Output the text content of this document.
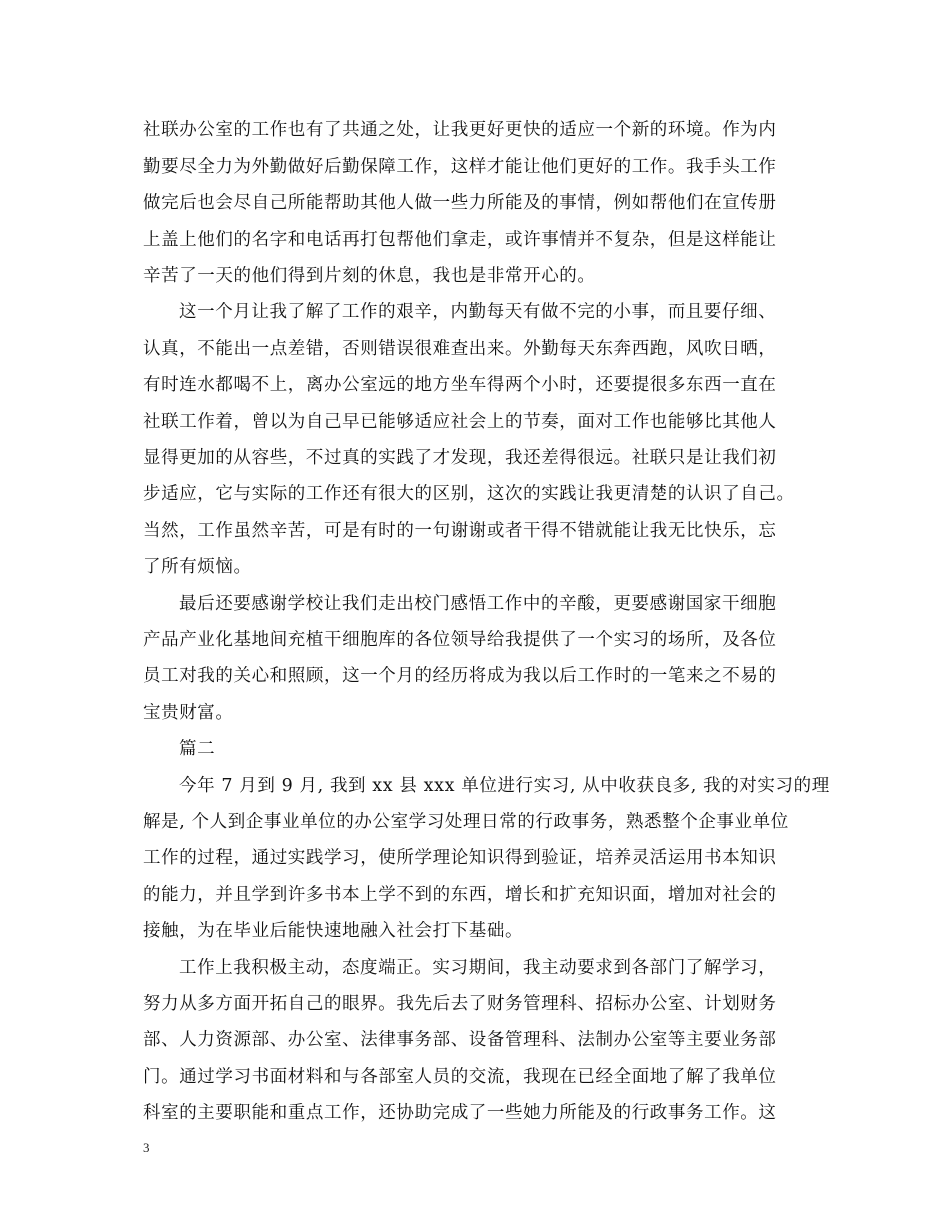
社联办公室的工作也有了共通之处，让我更好更快的适应一个新的环境。作为内
勤要尽全力为外勤做好后勤保障工作，这样才能让他们更好的工作。我手头工作
做完后也会尽自己所能帮助其他人做一些力所能及的事情，例如帮他们在宣传册
上盖上他们的名字和电话再打包帮他们拿走，或许事情并不复杂，但是这样能让
辛苦了一天的他们得到片刻的休息，我也是非常开心的。
这一个月让我了解了工作的艰辛，内勤每天有做不完的小事，而且要仔细、
认真，不能出一点差错，否则错误很难查出来。外勤每天东奔西跑，风吹日晒，
有时连水都喝不上，离办公室远的地方坐车得两个小时，还要提很多东西一直在
社联工作着，曾以为自己早已能够适应社会上的节奏，面对工作也能够比其他人
显得更加的从容些，不过真的实践了才发现，我还差得很远。社联只是让我们初
步适应，它与实际的工作还有很大的区别，这次的实践让我更清楚的认识了自己。
当然，工作虽然辛苦，可是有时的一句谢谢或者干得不错就能让我无比快乐，忘
了所有烦恼。
最后还要感谢学校让我们走出校门感悟工作中的辛酸，更要感谢国家干细胞
产品产业化基地间充植干细胞库的各位领导给我提供了一个实习的场所，及各位
员工对我的关心和照顾，这一个月的经历将成为我以后工作时的一笔来之不易的
宝贵财富。
篇二
今年 7 月到 9 月, 我到 xx 县 xxx 单位进行实习, 从中收获良多, 我的对实习的理
解是, 个人到企事业单位的办公室学习处理日常的行政事务，熟悉整个企事业单位
工作的过程，通过实践学习，使所学理论知识得到验证，培养灵活运用书本知识
的能力，并且学到许多书本上学不到的东西，增长和扩充知识面，增加对社会的
接触，为在毕业后能快速地融入社会打下基础。
工作上我积极主动，态度端正。实习期间，我主动要求到各部门了解学习，
努力从多方面开拓自己的眼界。我先后去了财务管理科、招标办公室、计划财务
部、人力资源部、办公室、法律事务部、设备管理科、法制办公室等主要业务部
门。通过学习书面材料和与各部室人员的交流，我现在已经全面地了解了我单位
科室的主要职能和重点工作，还协助完成了一些她力所能及的行政事务工作。这
3
